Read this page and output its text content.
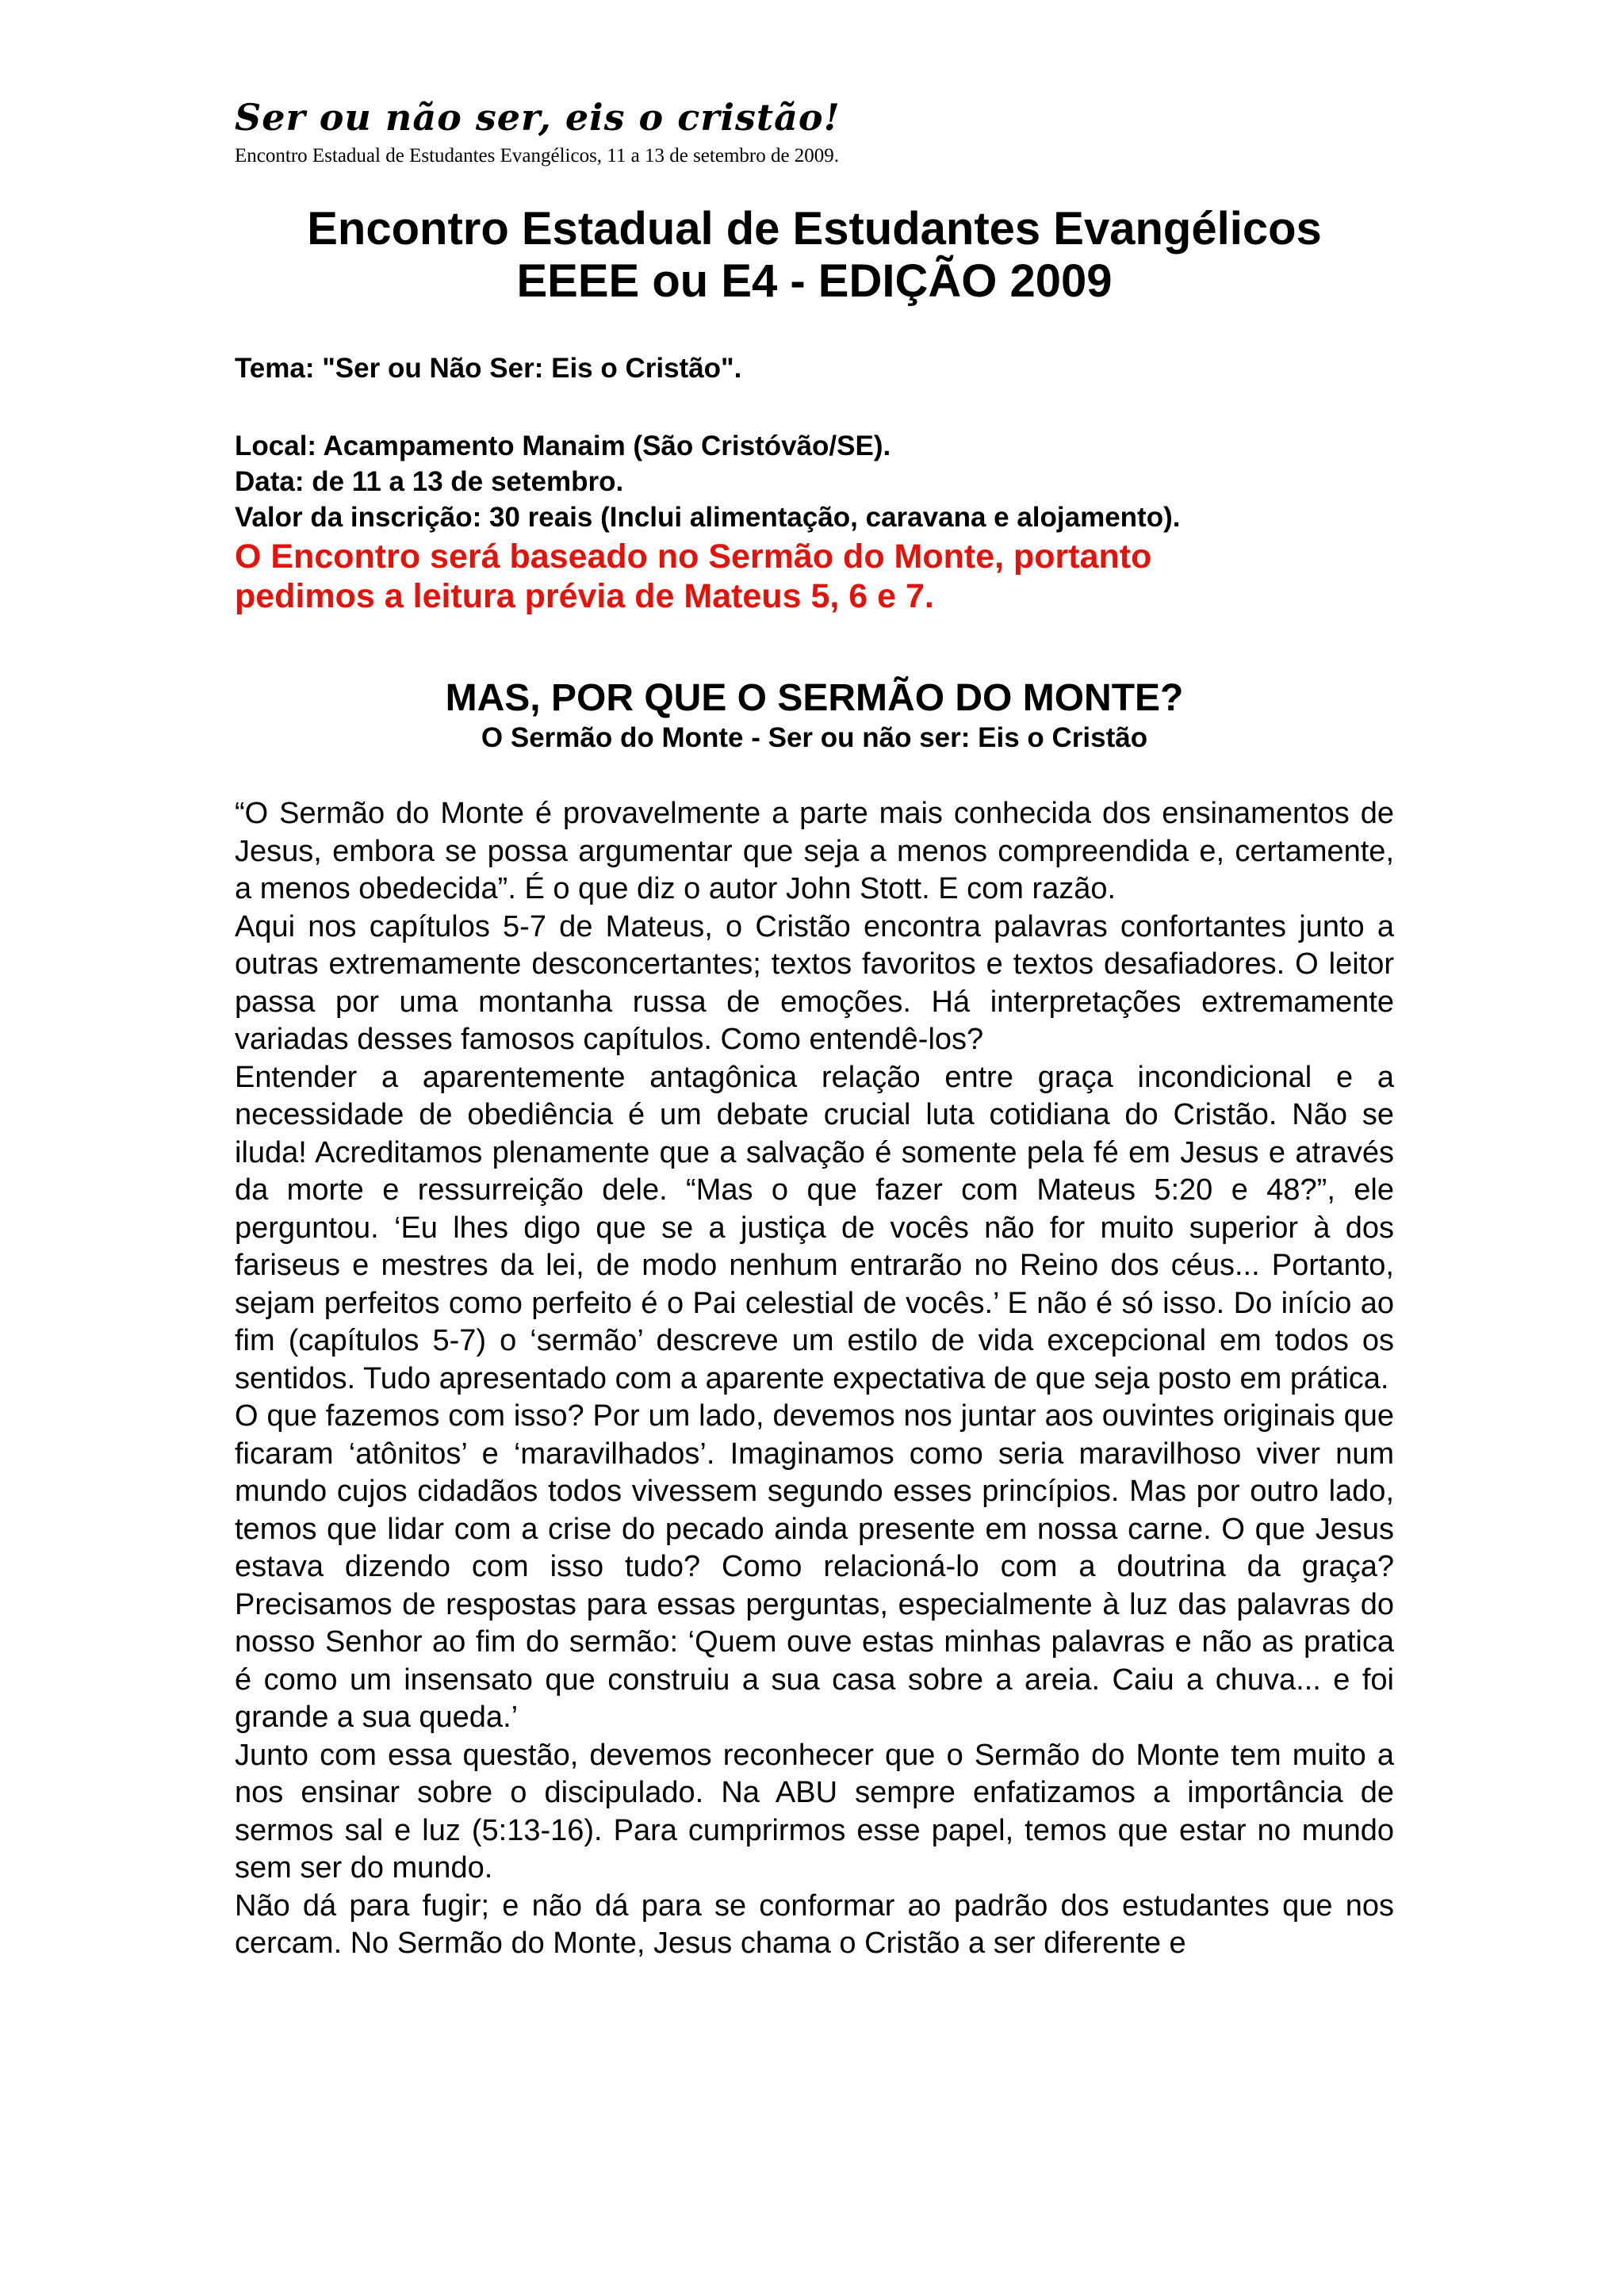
Ser ou não ser, eis o cristão!

Encontro Estadual de Estudantes Evangélicos, 11 a 13 de setembro de 2009.

Encontro Estadual de Estudantes Evangélicos
EEEE ou E4 - EDIÇÃO 2009

Tema: "Ser ou Não Ser: Eis o Cristão".

Local: Acampamento Manaim (São Cristóvão/SE).

Data: de 11 a 13 de setembro.

Valor da inscrição: 30 reais (Inclui alimentação, caravana e alojamento).

O Encontro será baseado no Sermão do Monte, portanto
pedimos a leitura prévia de Mateus 5, 6 e 7.

MAS, POR QUE O SERMÃO DO MONTE?

O Sermão do Monte - Ser ou não ser: Eis o Cristão

“O Sermão do Monte é provavelmente a parte mais conhecida dos ensinamentos de Jesus, embora se possa argumentar que seja a menos compreendida e, certamente, a menos obedecida”. É o que diz o autor John Stott. E com razão.

Aqui nos capítulos 5-7 de Mateus, o Cristão encontra palavras confortantes junto a outras extremamente desconcertantes; textos favoritos e textos desafiadores. O leitor passa por uma montanha russa de emoções. Há interpretações extremamente variadas desses famosos capítulos. Como entendê-los?

Entender a aparentemente antagônica relação entre graça incondicional e a necessidade de obediência é um debate crucial luta cotidiana do Cristão. Não se iluda! Acreditamos plenamente que a salvação é somente pela fé em Jesus e através da morte e ressurreição dele. “Mas o que fazer com Mateus 5:20 e 48?”, ele perguntou. ‘Eu lhes digo que se a justiça de vocês não for muito superior à dos fariseus e mestres da lei, de modo nenhum entrarão no Reino dos céus... Portanto, sejam perfeitos como perfeito é o Pai celestial de vocês.’ E não é só isso. Do início ao fim (capítulos 5-7) o ‘sermão’ descreve um estilo de vida excepcional em todos os sentidos. Tudo apresentado com a aparente expectativa de que seja posto em prática.

O que fazemos com isso? Por um lado, devemos nos juntar aos ouvintes originais que ficaram ‘atônitos’ e ‘maravilhados’. Imaginamos como seria maravilhoso viver num mundo cujos cidadãos todos vivessem segundo esses princípios. Mas por outro lado, temos que lidar com a crise do pecado ainda presente em nossa carne. O que Jesus estava dizendo com isso tudo? Como relacioná-lo com a doutrina da graça? Precisamos de respostas para essas perguntas, especialmente à luz das palavras do nosso Senhor ao fim do sermão: ‘Quem ouve estas minhas palavras e não as pratica é como um insensato que construiu a sua casa sobre a areia. Caiu a chuva... e foi grande a sua queda.’

Junto com essa questão, devemos reconhecer que o Sermão do Monte tem muito a nos ensinar sobre o discipulado. Na ABU sempre enfatizamos a importância de sermos sal e luz (5:13-16). Para cumprirmos esse papel, temos que estar no mundo sem ser do mundo.

Não dá para fugir; e não dá para se conformar ao padrão dos estudantes que nos cercam. No Sermão do Monte, Jesus chama o Cristão a ser diferente e
